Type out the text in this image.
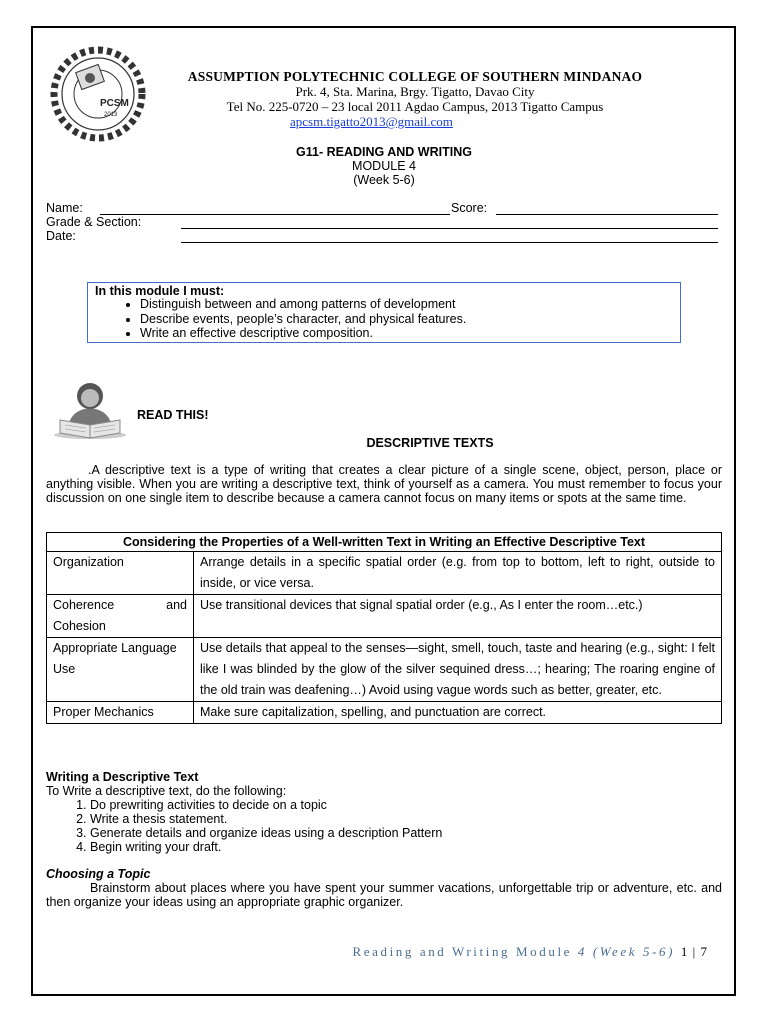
PCSM
2013
ASSUMPTION POLYTECHNIC COLLEGE OF SOUTHERN MINDANAO
Prk. 4, Sta. Marina, Brgy. Tigatto, Davao City
Tel No. 225-0720 – 23 local 2011 Agdao Campus, 2013 Tigatto Campus
apcsm.tigatto2013@gmail.com
G11- READING AND WRITING
MODULE 4
(Week 5-6)
Name:	Score:
Grade & Section:
Date:
In this module I must:
• Distinguish between and among patterns of development
• Describe events, people’s character, and physical features.
• Write an effective descriptive composition.
READ THIS!
DESCRIPTIVE TEXTS
.A descriptive text is a type of writing that creates a clear picture of a single scene, object, person, place or anything visible. When you are writing a descriptive text, think of yourself as a camera. You must remember to focus your discussion on one single item to describe because a camera cannot focus on many items or spots at the same time.
Considering the Properties of a Well-written Text in Writing an Effective Descriptive Text	
Organization	Arrange details in a specific spatial order (e.g. from top to bottom, left to right, outside to inside, or vice versa.

Coherence and
Cohesion	Use transitional devices that signal spatial order (e.g., As I enter the room…etc.)
Appropriate Language Use	Use details that appeal to the senses—sight, smell, touch, taste and hearing (e.g., sight: I felt like I was blinded by the glow of the silver sequined dress…; hearing; The roaring engine of the old train was deafening…) Avoid using vague words such as better, greater, etc.
Proper Mechanics	Make sure capitalization, spelling, and punctuation are correct.
Writing a Descriptive Text
To Write a descriptive text, do the following:
1. Do prewriting activities to decide on a topic
2. Write a thesis statement.
3. Generate details and organize ideas using a description Pattern
4. Begin writing your draft.
Choosing a Topic
Brainstorm about places where you have spent your summer vacations, unforgettable trip or adventure, etc. and then organize your ideas using an appropriate graphic organizer.
Reading and Writing Module 4 (Week 5-6) 1 | 7
